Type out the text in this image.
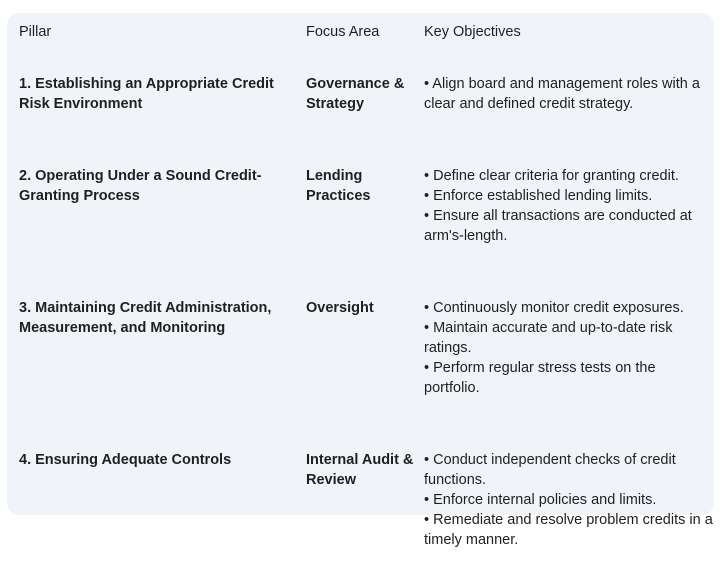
Pillar	Focus Area	Key Objectives
1. Establishing an Appropriate Credit Risk Environment	Governance & Strategy	• Align board and management roles with a clear and defined credit strategy.

2. Operating Under a Sound Credit-Granting Process	Lending Practices	• Define clear criteria for granting credit.
• Enforce established lending limits.
• Ensure all transactions are conducted at arm's-length.

3. Maintaining Credit Administration, Measurement, and Monitoring	Oversight	• Continuously monitor credit exposures.
• Maintain accurate and up-to-date risk ratings.
• Perform regular stress tests on the portfolio.

4. Ensuring Adequate Controls	Internal Audit & Review	• Conduct independent checks of credit functions.
• Enforce internal policies and limits.
• Remediate and resolve problem credits in a timely manner.
